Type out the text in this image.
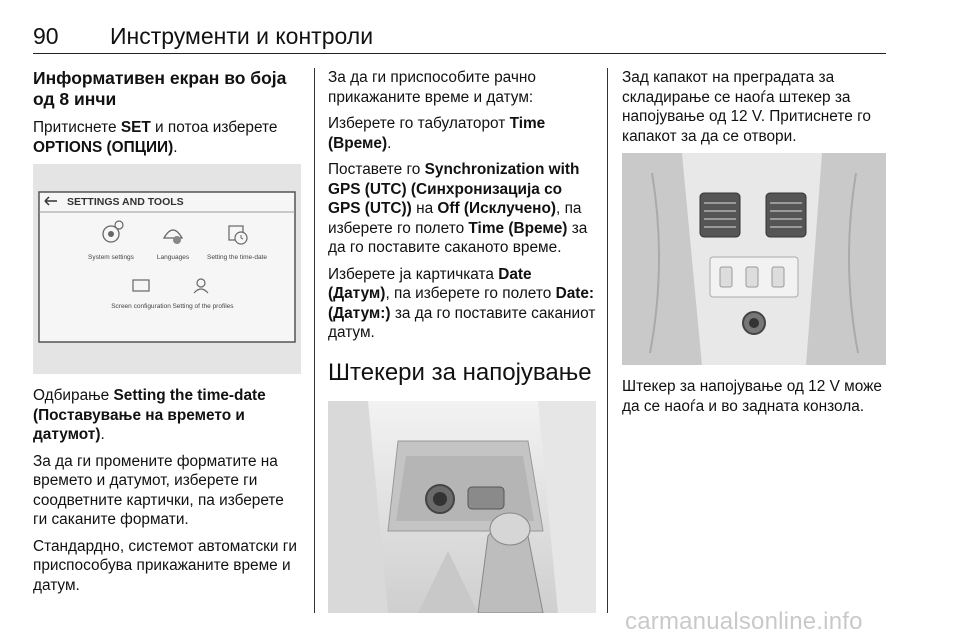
90 Инструменти и контроли
Информативен екран во боја од 8 инчи

Притиснете SET и потоа изберете OPTIONS (ОПЦИИ).

SETTINGS AND TOOLS
System settings	Languages	Setting the time-date
Screen configuration Setting of the profiles

Одбирање Setting the time-date (Поставување на времето и датумот).

За да ги промените форматите на времето и датумот, изберете ги соодветните картички, па изберете ги саканите формати.

Стандардно, системот автоматски ги приспособува прикажаните време и датум.

За да ги приспособите рачно прикажаните време и датум:

Изберете го табулаторот Time (Време).

Поставете го Synchronization with GPS (UTC) (Синхронизација со GPS (UTC)) на Off (Исклучено), па изберете го полето Time (Време) за да го поставите саканото време.

Изберете ја картичката Date (Датум), па изберете го полето Date: (Датум:) за да го поставите саканиот датум.

Штекери за напојување

Зад капакот на преградата за складирање се наоѓа штекер за напојување од 12 V. Притиснете го капакот за да се отвори.

Штекер за напојување од 12 V може да се наоѓа и во задната конзола.

carmanualsonline.info
